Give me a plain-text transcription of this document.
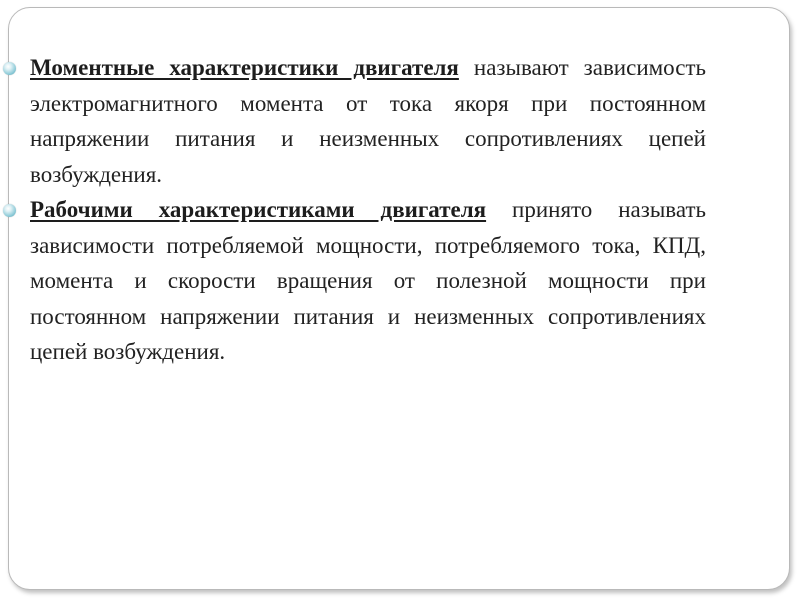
Моментные характеристики двигателя называют зависимость электромагнитного момента от тока якоря при постоянном напряжении питания и неизменных сопротивлениях цепей возбуждения.

Рабочими характеристиками двигателя принято называть зависимости потребляемой мощности, потребляемого тока, КПД, момента и скорости вращения от полезной мощности при постоянном напряжении питания и неизменных сопротивлениях цепей возбуждения.
